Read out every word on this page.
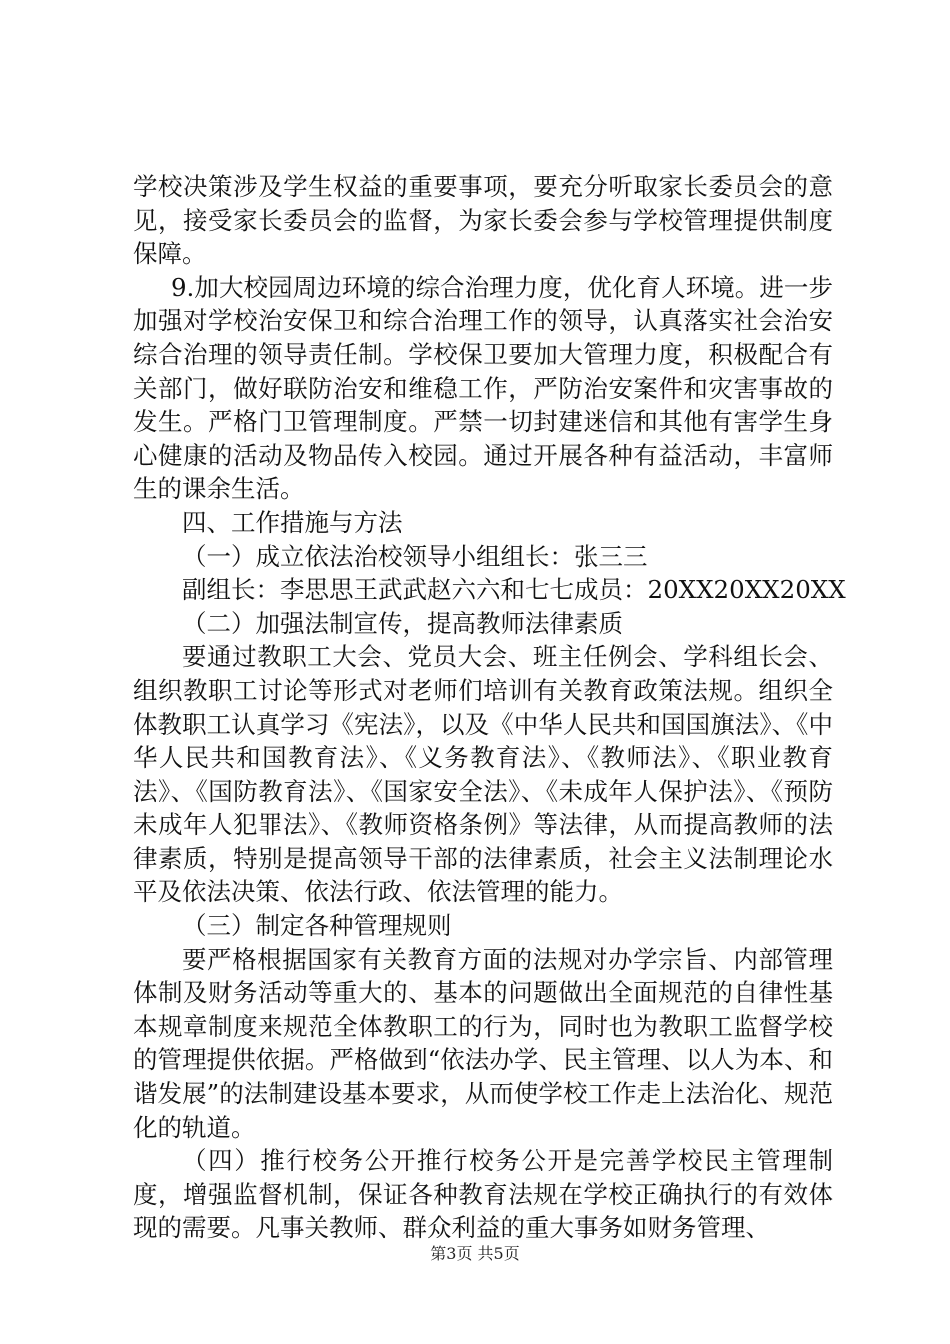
学校决策涉及学生权益的重要事项，要充分听取家长委员会的意见，接受家长委员会的监督，为家长委会参与学校管理提供制度保障。

9.加大校园周边环境的综合治理力度，优化育人环境。进一步加强对学校治安保卫和综合治理工作的领导，认真落实社会治安综合治理的领导责任制。学校保卫要加大管理力度，积极配合有关部门，做好联防治安和维稳工作，严防治安案件和灾害事故的发生。严格门卫管理制度。严禁一切封建迷信和其他有害学生身心健康的活动及物品传入校园。通过开展各种有益活动，丰富师生的课余生活。

四、工作措施与方法

（一）成立依法治校领导小组组长：张三三

副组长：李思思王武武赵六六和七七成员：20XX20XX20XX

（二）加强法制宣传，提高教师法律素质

要通过教职工大会、党员大会、班主任例会、学科组长会、组织教职工讨论等形式对老师们培训有关教育政策法规。组织全体教职工认真学习《宪法》，以及《中华人民共和国国旗法》、《中华人民共和国教育法》、《义务教育法》、《教师法》、《职业教育法》、《国防教育法》、《国家安全法》、《未成年人保护法》、《预防未成年人犯罪法》、《教师资格条例》等法律，从而提高教师的法律素质，特别是提高领导干部的法律素质，社会主义法制理论水平及依法决策、依法行政、依法管理的能力。

（三）制定各种管理规则

要严格根据国家有关教育方面的法规对办学宗旨、内部管理体制及财务活动等重大的、基本的问题做出全面规范的自律性基本规章制度来规范全体教职工的行为，同时也为教职工监督学校的管理提供依据。严格做到“依法办学、民主管理、以人为本、和谐发展”的法制建设基本要求，从而使学校工作走上法治化、规范化的轨道。

（四）推行校务公开推行校务公开是完善学校民主管理制度，增强监督机制，保证各种教育法规在学校正确执行的有效体现的需要。凡事关教师、群众利益的重大事务如财务管理、

第3页 共5页
